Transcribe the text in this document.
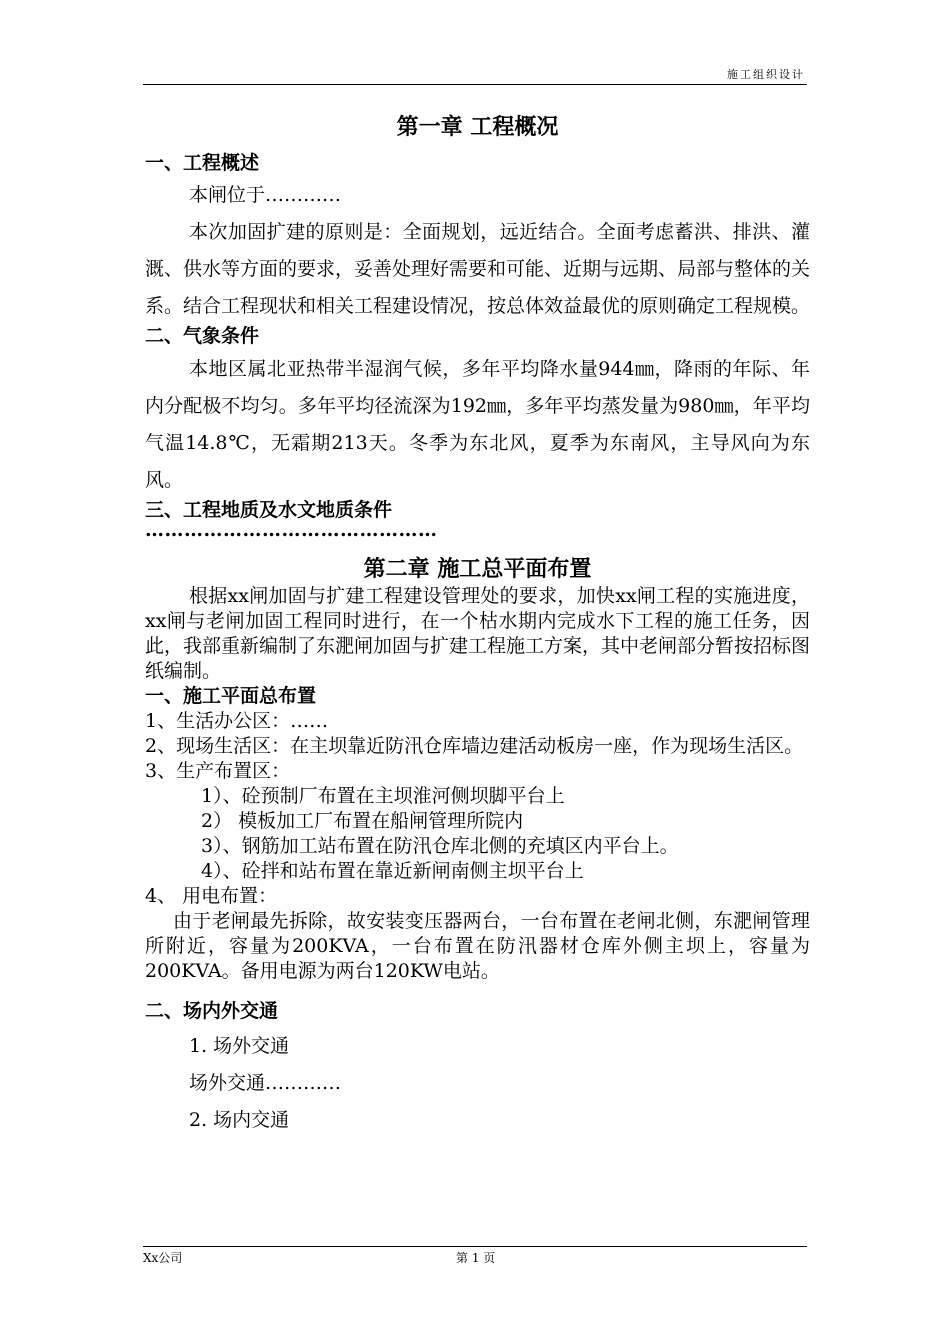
施工组织设计
第一章 工程概况
一、工程概述

本闸位于…………

本次加固扩建的原则是：全面规划，远近结合。全面考虑蓄洪、排洪、灌溉、供水等方面的要求，妥善处理好需要和可能、近期与远期、局部与整体的关系。结合工程现状和相关工程建设情况，按总体效益最优的原则确定工程规模。

二、气象条件

本地区属北亚热带半湿润气候，多年平均降水量944㎜，降雨的年际、年内分配极不均匀。多年平均径流深为192㎜，多年平均蒸发量为980㎜，年平均气温14.8℃，无霜期213天。冬季为东北风，夏季为东南风，主导风向为东风。

三、工程地质及水文地质条件

………………………………………

第二章 施工总平面布置

根据xx闸加固与扩建工程建设管理处的要求，加快xx闸工程的实施进度，xx闸与老闸加固工程同时进行，在一个枯水期内完成水下工程的施工任务，因此，我部重新编制了东淝闸加固与扩建工程施工方案，其中老闸部分暂按招标图纸编制。

一、施工平面总布置

1、生活办公区：……

2、现场生活区：在主坝靠近防汛仓库墙边建活动板房一座，作为现场生活区。

3、生产布置区：

1）、砼预制厂布置在主坝淮河侧坝脚平台上

2） 模板加工厂布置在船闸管理所院内

3）、钢筋加工站布置在防汛仓库北侧的充填区内平台上。

4）、砼拌和站布置在靠近新闸南侧主坝平台上

4、 用电布置：

由于老闸最先拆除，故安装变压器两台，一台布置在老闸北侧，东淝闸管理所附近，容量为200KVA，一台布置在防汛器材仓库外侧主坝上，容量为200KVA。备用电源为两台120KW电站。

二、场内外交通

1. 场外交通

场外交通…………

2. 场内交通

Xx公司	第 1 页
